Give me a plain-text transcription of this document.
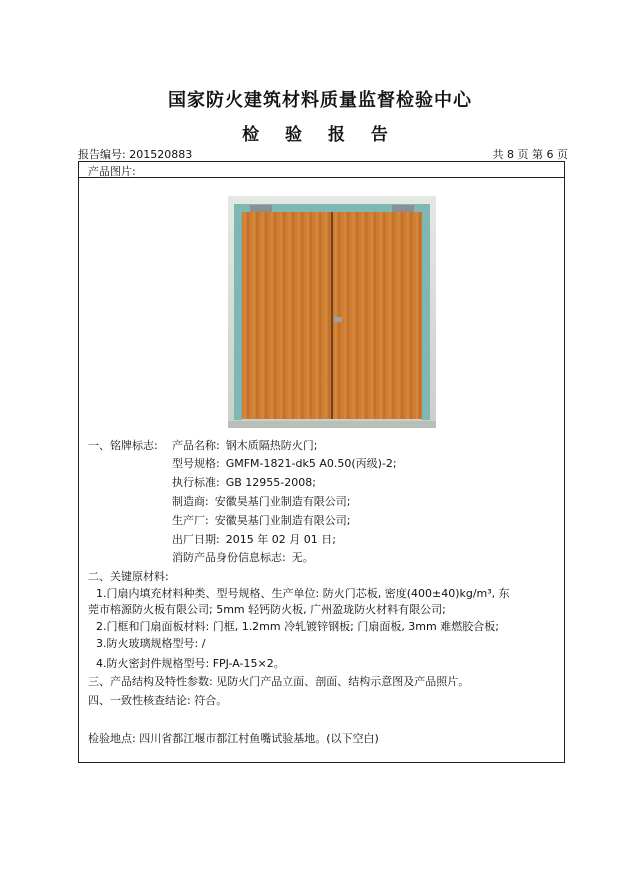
国家防火建筑材料质量监督检验中心
检 验 报 告
报告编号: 201520883	共 8 页 第 6 页
产品图片:
一、铭牌标志: 产品名称: 钢木质隔热防火门;
型号规格: GMFM-1821-dk5 A0.50(丙级)-2;
执行标准: GB 12955-2008;
制造商: 安徽昊基门业制造有限公司;
生产厂: 安徽昊基门业制造有限公司;
出厂日期: 2015 年 02 月 01 日;
消防产品身份信息标志: 无。
二、关键原材料:
1.门扇内填充材料种类、型号规格、生产单位: 防火门芯板, 密度(400±40)kg/m³, 东
莞市榕源防火板有限公司; 5mm 轻钙防火板, 广州盈珑防火材料有限公司;
2.门框和门扇面板材料: 门框, 1.2mm 冷轧镀锌钢板; 门扇面板, 3mm 难燃胶合板;
3.防火玻璃规格型号: /
4.防火密封件规格型号: FPJ-A-15×2。
三、产品结构及特性参数: 见防火门产品立面、剖面、结构示意图及产品照片。
四、一致性核查结论: 符合。
检验地点: 四川省都江堰市都江村鱼嘴试验基地。(以下空白)
